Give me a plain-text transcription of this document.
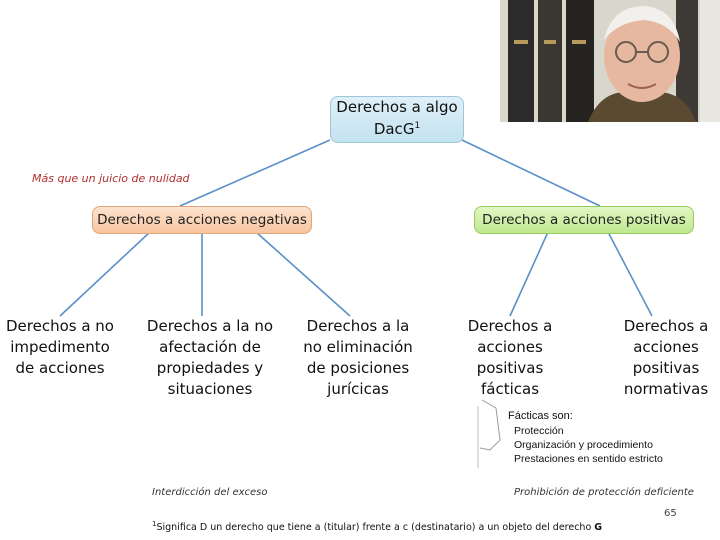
Derechos a algo
DacG$^1$
Más que un juicio de nulidad
Derechos a acciones negativas	Derechos a acciones positivas
Derechos a no
impedimento
de acciones
Derechos a la no
afectación de
propiedades y
situaciones
Derechos a la
no eliminación
de posiciones
jurícicas
Derechos a
acciones
positivas
fácticas
Derechos a
acciones
positivas
normativas
Fácticas son:
Protección
Organización y procedimiento
Prestaciones en sentido estricto
Interdicción del exceso	Prohibición de protección deficiente
65
$^1$Significa D un derecho que tiene a (titular) frente a c (destinatario) a un objeto del derecho G
